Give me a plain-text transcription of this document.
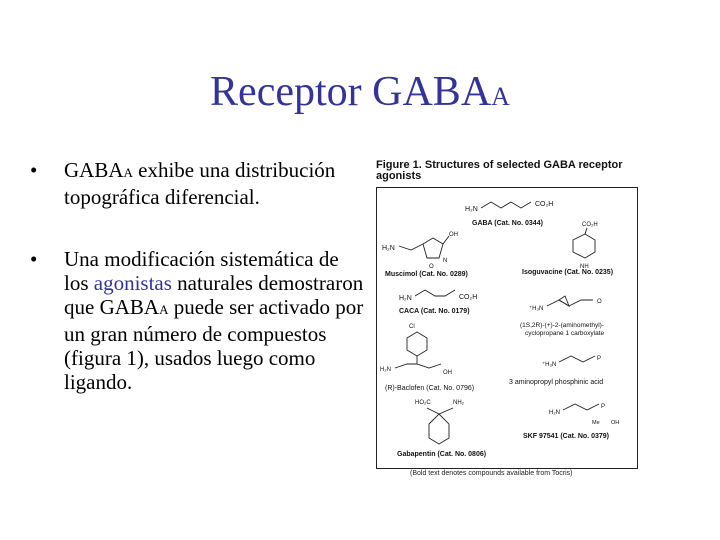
Receptor GABAA
• GABAA exhibe una distribución topográfica diferencial.
• Una modificación sistemática de los agonistas naturales demostraron que GABAA puede ser activado por un gran número de compuestos (figura 1), usados luego como ligando.
Figure 1. Structures of selected GABA receptor
agonists
H₂N
CO₂H
GABA (Cat. No. 0344)
H₂N
OH
O
N
Muscimol (Cat. No. 0289)
CO₂H
NH
Isoguvacine (Cat. No. 0235)
H₂N	CO₂H
CACA (Cat. No. 0179)	⁺H₃N
O
(1S,2R)-(+)-2-(aminomethyl)-
cyclopropane 1 carboxylate
Cl
H₂N	OH
(R)-Baclofen (Cat. No. 0796)
⁺H₃N
P
3 aminopropyl phosphinic acid
HO₂C	NH₂
Gabapentin (Cat. No. 0806)
H₂N
P
Me OH
SKF 97541 (Cat. No. 0379)
(Bold text denotes compounds available from Tocris)
